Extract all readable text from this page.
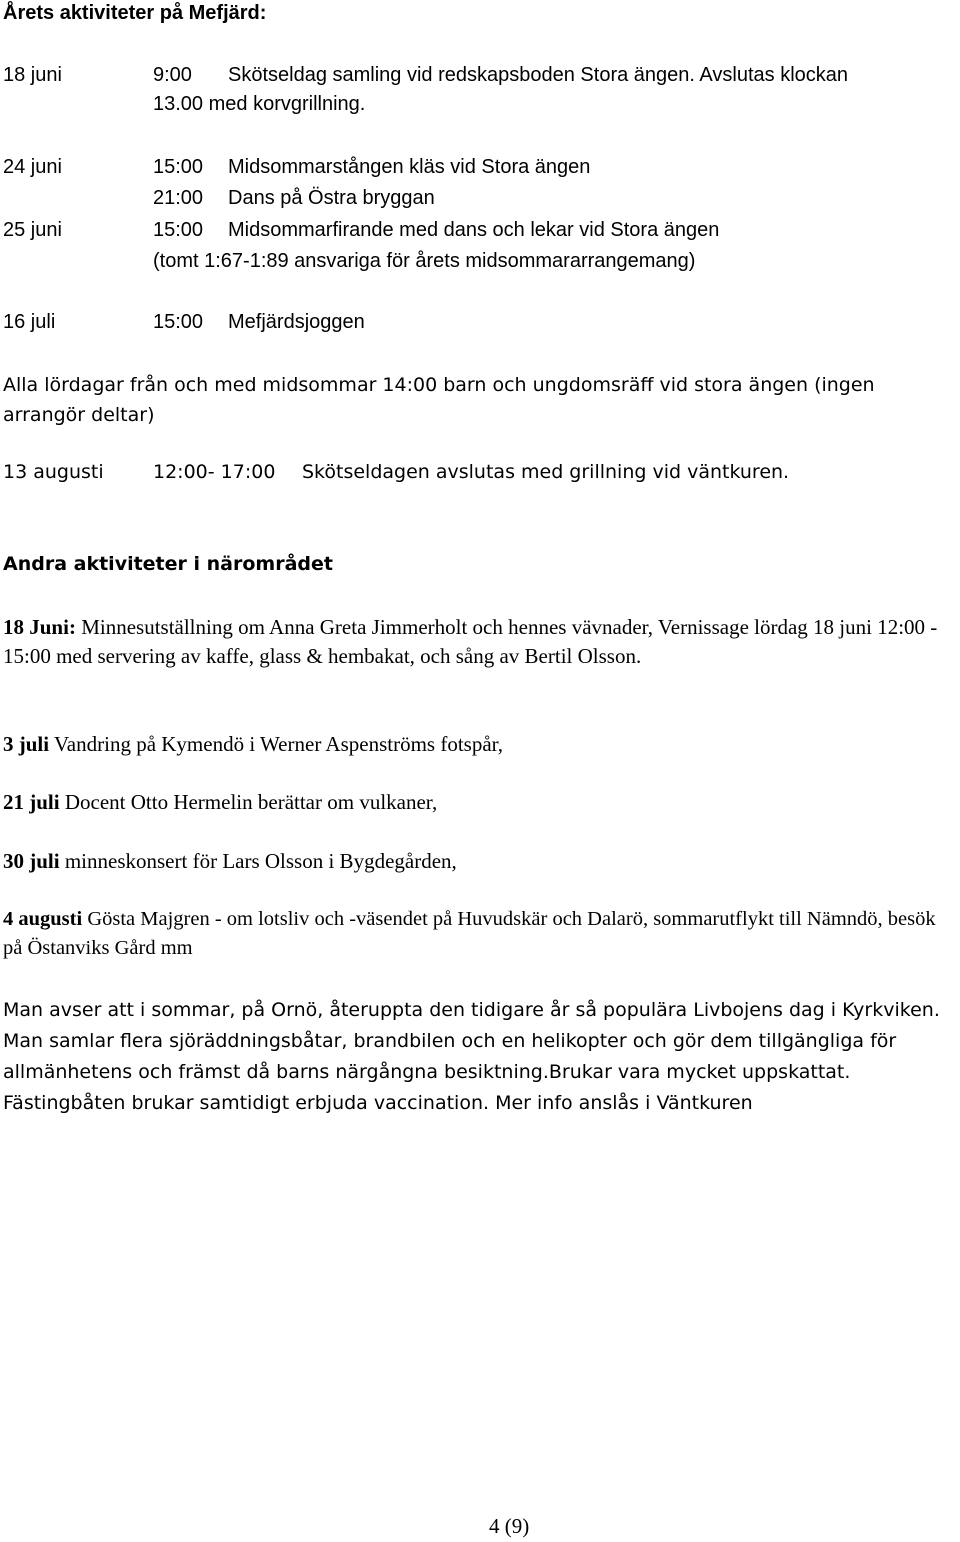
Årets aktiviteter på Mefjärd:
18 juni	9:00 Skötseldag samling vid redskapsboden Stora ängen. Avslutas klockan
13.00 med korvgrillning.
24 juni	15:00 Midsommarstången kläs vid Stora ängen
21:00 Dans på Östra bryggan
25 juni	15:00 Midsommarfirande med dans och lekar vid Stora ängen
(tomt 1:67-1:89 ansvariga för årets midsommararrangemang)
16 juli	15:00 Mefjärdsjoggen
Alla lördagar från och med midsommar 14:00 barn och ungdomsräff vid stora ängen (ingen arrangör deltar)
13 augusti	12:00- 17:00 Skötseldagen avslutas med grillning vid väntkuren.
Andra aktiviteter i närområdet
18 Juni: Minnesutställning om Anna Greta Jimmerholt och hennes vävnader, Vernissage lördag 18 juni 12:00 - 15:00 med servering av kaffe, glass & hembakat, och sång av Bertil Olsson.
3 juli Vandring på Kymendö i Werner Aspenströms fotspår,
21 juli Docent Otto Hermelin berättar om vulkaner,
30 juli minneskonsert för Lars Olsson i Bygdegården,
4 augusti Gösta Majgren - om lotsliv och -väsendet på Huvudskär och Dalarö, sommarutflykt till Nämndö, besök på Östanviks Gård mm
Man avser att i sommar, på Ornö, återuppta den tidigare år så populära Livbojens dag i Kyrkviken. Man samlar flera sjöräddningsbåtar, brandbilen och en helikopter och gör dem tillgängliga för allmänhetens och främst då barns närgångna besiktning.Brukar vara mycket uppskattat. Fästingbåten brukar samtidigt erbjuda vaccination. Mer info anslås i Väntkuren
4 (9)
